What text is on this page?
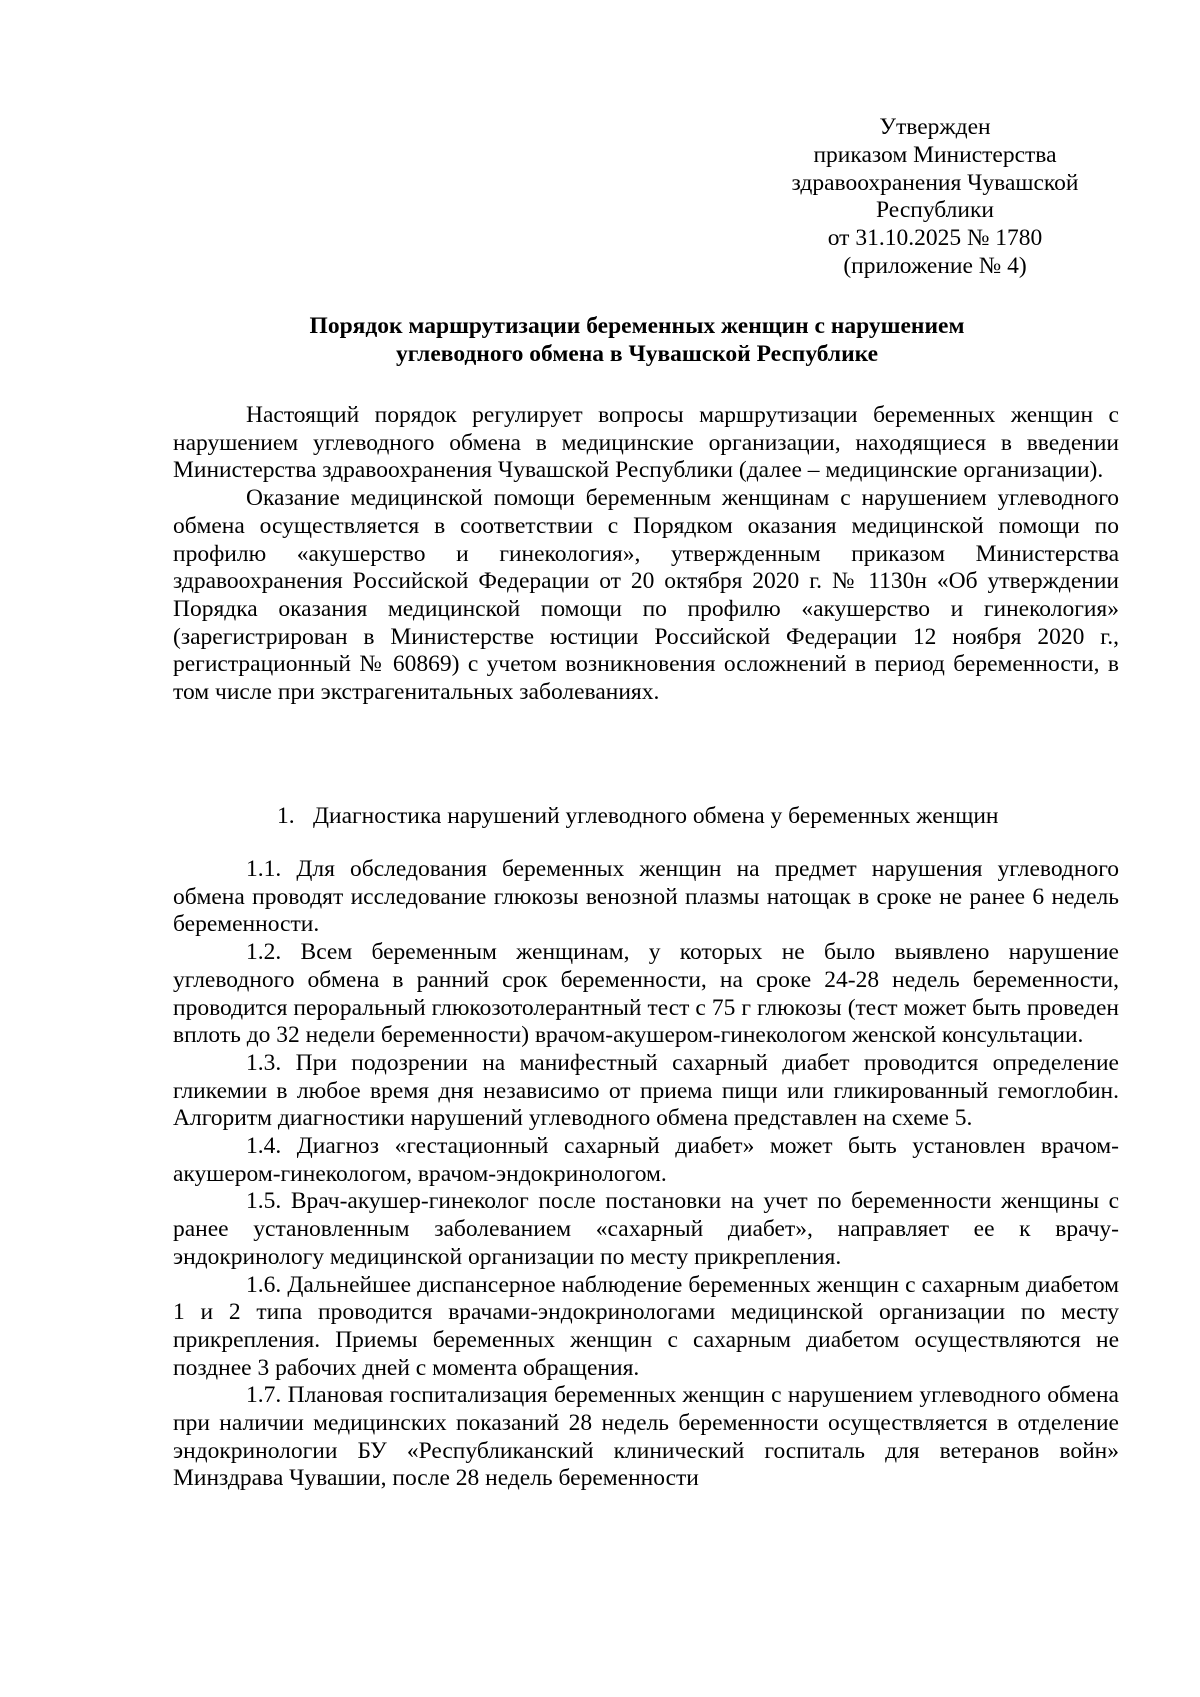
Утвержден
приказом Министерства
здравоохранения Чувашской
Республики
от 31.10.2025 № 1780
(приложение № 4)
Порядок маршрутизации беременных женщин с нарушением
углеводного обмена в Чувашской Республике

Настоящий порядок регулирует вопросы маршрутизации беременных женщин с нарушением углеводного обмена в медицинские организации, находящиеся в введении Министерства здравоохранения Чувашской Республики (далее – медицинские организации).

Оказание медицинской помощи беременным женщинам с нарушением углеводного обмена осуществляется в соответствии с Порядком оказания медицинской помощи по профилю «акушерство и гинекология», утвержденным приказом Министерства здравоохранения Российской Федерации от 20 октября 2020 г. № 1130н «Об утверждении Порядка оказания медицинской помощи по профилю «акушерство и гинекология» (зарегистрирован в Министерстве юстиции Российской Федерации 12 ноября 2020 г., регистрационный № 60869) с учетом возникновения осложнений в период беременности, в том числе при экстрагенитальных заболеваниях.

1. Диагностика нарушений углеводного обмена у беременных женщин

1.1. Для обследования беременных женщин на предмет нарушения углеводного обмена проводят исследование глюкозы венозной плазмы натощак в сроке не ранее 6 недель беременности.

1.2. Всем беременным женщинам, у которых не было выявлено нарушение углеводного обмена в ранний срок беременности, на сроке 24-28 недель беременности, проводится пероральный глюкозотолерантный тест с 75 г глюкозы (тест может быть проведен вплоть до 32 недели беременности) врачом-акушером-гинекологом женской консультации.

1.3. При подозрении на манифестный сахарный диабет проводится определение гликемии в любое время дня независимо от приема пищи или гликированный гемоглобин. Алгоритм диагностики нарушений углеводного обмена представлен на схеме 5.

1.4. Диагноз «гестационный сахарный диабет» может быть установлен врачом-акушером-гинекологом, врачом-эндокринологом.

1.5. Врач-акушер-гинеколог после постановки на учет по беременности женщины с ранее установленным заболеванием «сахарный диабет», направляет ее к врачу-эндокринологу медицинской организации по месту прикрепления.

1.6. Дальнейшее диспансерное наблюдение беременных женщин с сахарным диабетом 1 и 2 типа проводится врачами-эндокринологами медицинской организации по месту прикрепления. Приемы беременных женщин с сахарным диабетом осуществляются не позднее 3 рабочих дней с момента обращения.

1.7. Плановая госпитализация беременных женщин с нарушением углеводного обмена при наличии медицинских показаний 28 недель беременности осуществляется в отделение эндокринологии БУ «Республиканский клинический госпиталь для ветеранов войн» Минздрава Чувашии, после 28 недель беременности
